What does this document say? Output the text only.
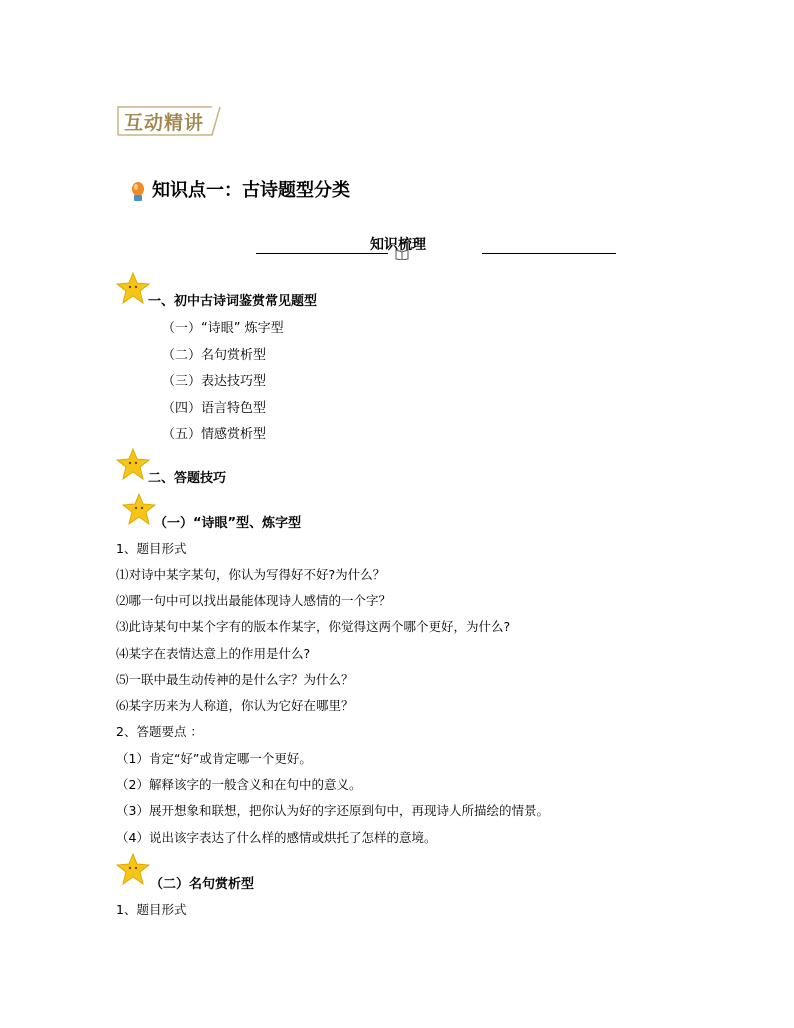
互动精讲
知识点一：古诗题型分类
知识梳理
一、初中古诗词鉴赏常见题型
（一）“诗眼” 炼字型
（二）名句赏析型
（三）表达技巧型
（四）语言特色型
（五）情感赏析型
二、答题技巧
（一）“诗眼”型、炼字型
1、题目形式
⑴对诗中某字某句，你认为写得好不好?为什么？
⑵哪一句中可以找出最能体现诗人感情的一个字？
⑶此诗某句中某个字有的版本作某字，你觉得这两个哪个更好，为什么?
⑷某字在表情达意上的作用是什么?
⑸一联中最生动传神的是什么字？为什么？
⑹某字历来为人称道，你认为它好在哪里？
2、答题要点 ：
（1）肯定“好”或肯定哪一个更好。
（2）解释该字的一般含义和在句中的意义。
（3）展开想象和联想，把你认为好的字还原到句中，再现诗人所描绘的情景。
（4）说出该字表达了什么样的感情或烘托了怎样的意境。
（二）名句赏析型
1、题目形式
